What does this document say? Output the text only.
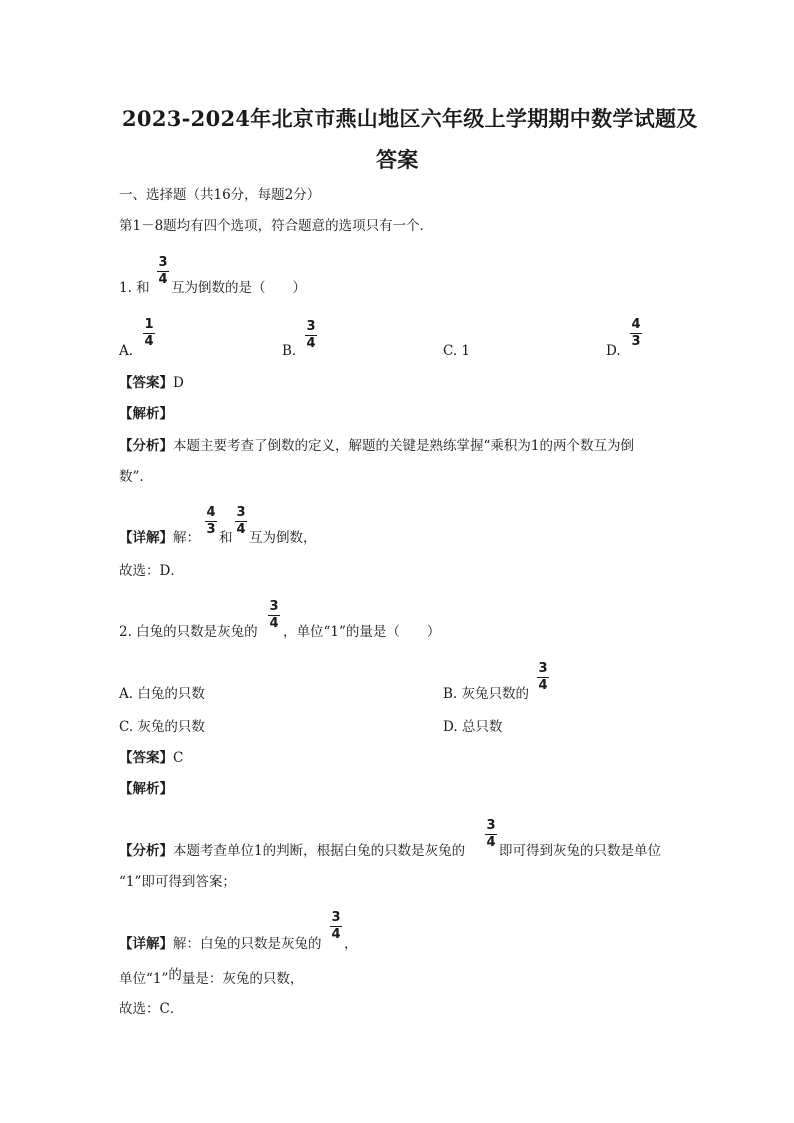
2023-2024年北京市燕山地区六年级上学期期中数学试题及
答案
一、选择题（共16分，每题2分）
第1－8题均有四个选项，符合题意的选项只有一个．
1. 和
3
4
互为倒数的是（　　）
A.
1
4
B.
3
4	C. 1	D.
4
3
【答案】D
【解析】
【分析】本题主要考查了倒数的定义，解题的关键是熟练掌握“乘积为1的两个数互为倒
数”.
【详解】解：
4
3
和
3
4
互为倒数，
故选：D．
2. 白兔的只数是灰兔的
3
4
，单位“1”的量是（　　）
A. 白兔的只数	B. 灰兔只数的
3
4
C. 灰兔的只数	D. 总只数
【答案】C
【解析】
【分析】本题考查单位1的判断，根据白兔的只数是灰兔的
3
4
即可得到灰兔的只数是单位
“1”即可得到答案；
【详解】解：白兔的只数是灰兔的
3
4
，
单位“1”的量是：灰兔的只数，
故选：C．
